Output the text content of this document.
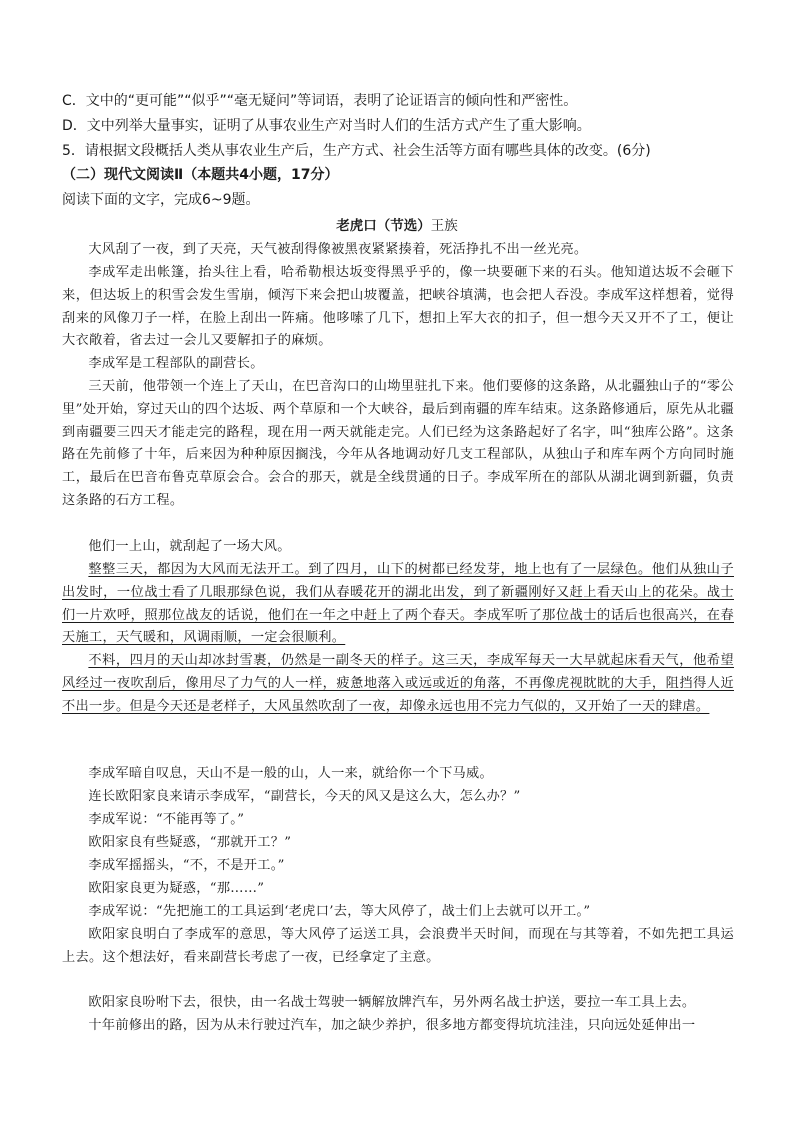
C．文中的“更可能”“似乎”“毫无疑问”等词语，表明了论证语言的倾向性和严密性。
D．文中列举大量事实，证明了从事农业生产对当时人们的生活方式产生了重大影响。
5．请根据文段概括人类从事农业生产后，生产方式、社会生活等方面有哪些具体的改变。(6分)
（二）现代文阅读Ⅱ（本题共4小题，17分）
阅读下面的文字，完成6~9题。
老虎口（节选）王族
大风刮了一夜，到了天亮，天气被刮得像被黑夜紧紧揍着，死活挣扎不出一丝光亮。
李成军走出帐篷，抬头往上看，哈希勒根达坂变得黑乎乎的，像一块要砸下来的石头。他知道达坂不会砸下来，但达坂上的积雪会发生雪崩，倾泻下来会把山坡覆盖，把峡谷填满，也会把人吞没。李成军这样想着，觉得刮来的风像刀子一样，在脸上刮出一阵痛。他哆嗦了几下，想扣上军大衣的扣子，但一想今天又开不了工，便让大衣敞着，省去过一会儿又要解扣子的麻烦。
李成军是工程部队的副营长。
三天前，他带领一个连上了天山，在巴音沟口的山坳里驻扎下来。他们要修的这条路，从北疆独山子的“零公里”处开始，穿过天山的四个达坂、两个草原和一个大峡谷，最后到南疆的库车结束。这条路修通后，原先从北疆到南疆要三四天才能走完的路程，现在用一两天就能走完。人们已经为这条路起好了名字，叫“独库公路”。这条路在先前修了十年，后来因为种种原因搁浅，今年从各地调动好几支工程部队，从独山子和库车两个方向同时施工，最后在巴音布鲁克草原会合。会合的那天，就是全线贯通的日子。李成军所在的部队从湖北调到新疆，负责这条路的石方工程。
他们一上山，就刮起了一场大风。
整整三天，都因为大风而无法开工。到了四月，山下的树都已经发芽，地上也有了一层绿色。他们从独山子出发时，一位战士看了几眼那绿色说，我们从春暖花开的湖北出发，到了新疆刚好又赶上看天山上的花朵。战士们一片欢呼，照那位战友的话说，他们在一年之中赶上了两个春天。李成军听了那位战士的话后也很高兴，在春天施工，天气暖和，风调雨顺，一定会很顺利。
不料，四月的天山却冰封雪裹，仍然是一副冬天的样子。这三天，李成军每天一大早就起床看天气，他希望风经过一夜吹刮后，像用尽了力气的人一样，疲惫地落入或远或近的角落，不再像虎视眈眈的大手，阻挡得人近不出一步。但是今天还是老样子，大风虽然吹刮了一夜，却像永远也用不完力气似的，又开始了一天的肆虐。
李成军暗自叹息，天山不是一般的山，人一来，就给你一个下马威。
连长欧阳家良来请示李成军，“副营长，今天的风又是这么大，怎么办？”
李成军说：“不能再等了。”
欧阳家良有些疑惑，“那就开工？”
李成军摇摇头，“不，不是开工。”
欧阳家良更为疑惑，“那……”
李成军说：“先把施工的工具运到‘老虎口’去，等大风停了，战士们上去就可以开工。”
欧阳家良明白了李成军的意思，等大风停了运送工具，会浪费半天时间，而现在与其等着，不如先把工具运上去。这个想法好，看来副营长考虑了一夜，已经拿定了主意。
欧阳家良吩咐下去，很快，由一名战士驾驶一辆解放牌汽车，另外两名战士护送，要拉一车工具上去。
十年前修出的路，因为从未行驶过汽车，加之缺少养护，很多地方都变得坑坑洼洼，只向远处延伸出一
